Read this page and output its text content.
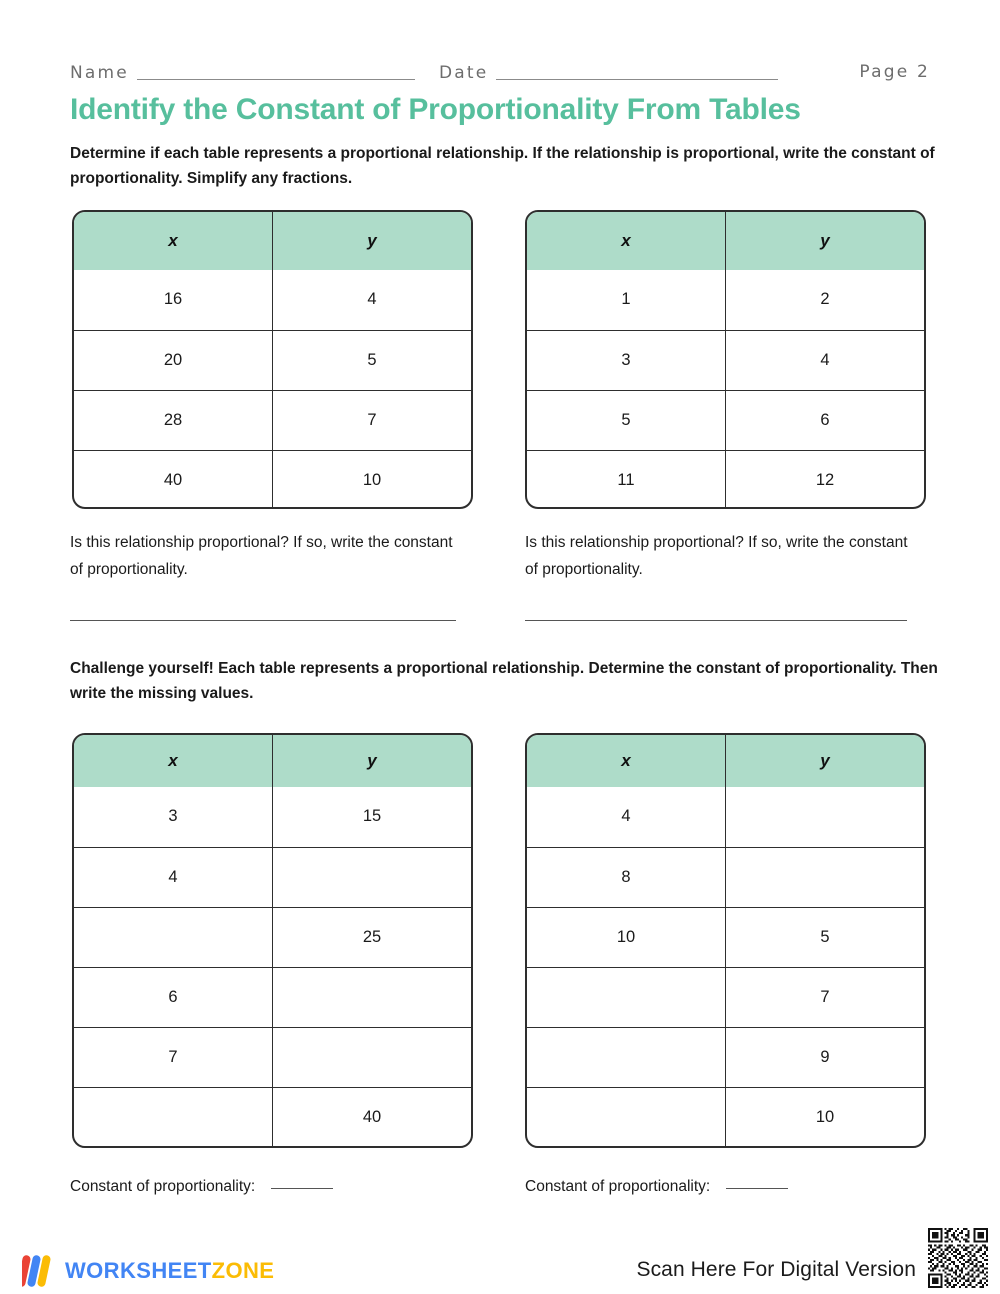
Name	Date	Page 2
Identify the Constant of Proportionality From Tables
Determine if each table represents a proportional relationship. If the relationship is proportional, write the constant of proportionality. Simplify any fractions.
x	y
16	4
20	5
28	7
40	10
x	y
1	2
3	4
5	6
11	12
Is this relationship proportional? If so, write the constant of proportionality.
Is this relationship proportional? If so, write the constant of proportionality.
Challenge yourself! Each table represents a proportional relationship. Determine the constant of proportionality. Then write the missing values.
x	y
3	15
4	
	25
6	
7	
	40
x	y
4	
8	
10	5
	7
	9
	10
Constant of proportionality:	Constant of proportionality:
WORKSHEETZONE	Scan Here For Digital Version
